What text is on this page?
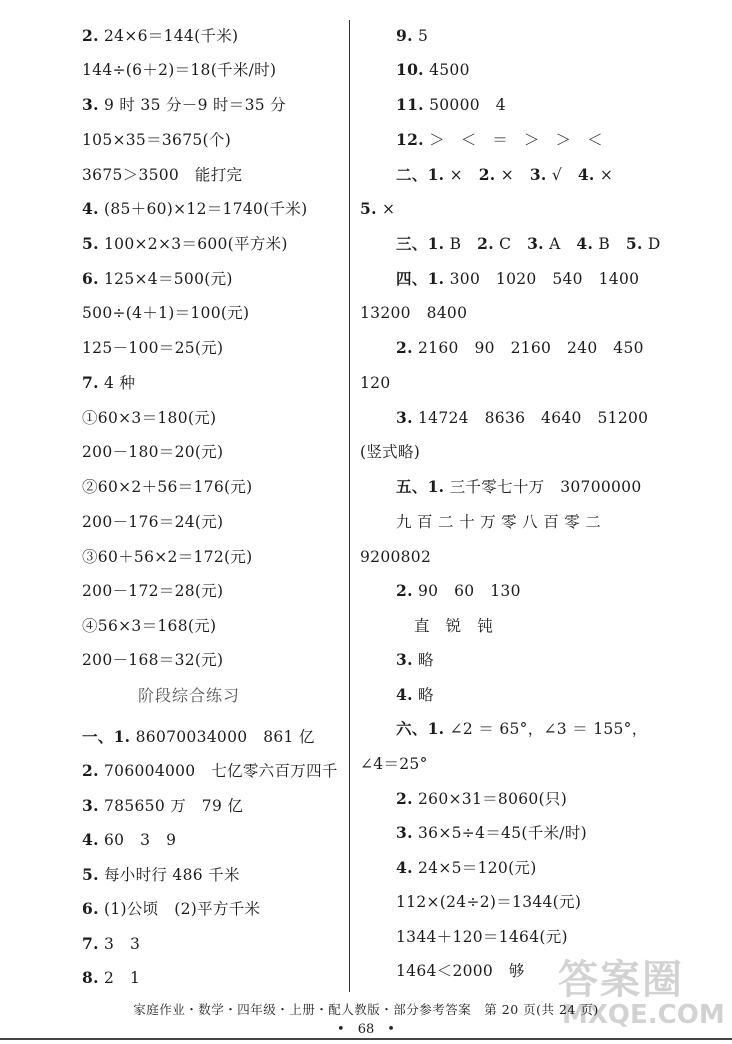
2. 24×6＝144(千米)
144÷(6＋2)＝18(千米/时)
3. 9 时 35 分－9 时＝35 分
105×35＝3675(个)
3675＞3500　能打完
4. (85＋60)×12＝1740(千米)
5. 100×2×3＝600(平方米)
6. 125×4＝500(元)
500÷(4＋1)＝100(元)
125－100＝25(元)
7. 4 种
①60×3＝180(元)
200－180＝20(元)
②60×2＋56＝176(元)
200－176＝24(元)
③60＋56×2＝172(元)
200－172＝28(元)
④56×3＝168(元)
200－168＝32(元)
一、1. 86070034000　861 亿
2. 706004000　七亿零六百万四千
3. 785650 万　79 亿
4. 60　3　9
5. 每小时行 486 千米
6. (1)公顷　(2)平方千米
7. 3　3
8. 2　1
9. 5
10. 4500
11. 50000　4
12. ＞　＜　＝　＞　＞　＜
二、1. ×　2. ×　3. √　4. ×
5. ×
三、1. B　2. C　3. A　4. B　5. D
四、1. 300　1020　540　1400
13200　8400
2. 2160　90　2160　240　450
120
3. 14724　8636　4640　51200
(竖式略)
五、1. 三千零七十万　30700000
九 百 二 十 万 零 八 百 零 二
9200802
2. 90　60　130
直　锐　钝
3. 略
4. 略
六、1. ∠2 ＝ 65°，∠3 ＝ 155°，
∠4＝25°
2. 260×31＝8060(只)
3. 36×5÷4＝45(千米/时)
4. 24×5＝120(元)
112×(24÷2)＝1344(元)
1344＋120＝1464(元)
1464＜2000　够
阶段综合练习
答案圈
MXQE.COM
家庭作业・数学・四年级・上册・配人教版・部分参考答案　第 20 页(共 24 页)
•　68　•
